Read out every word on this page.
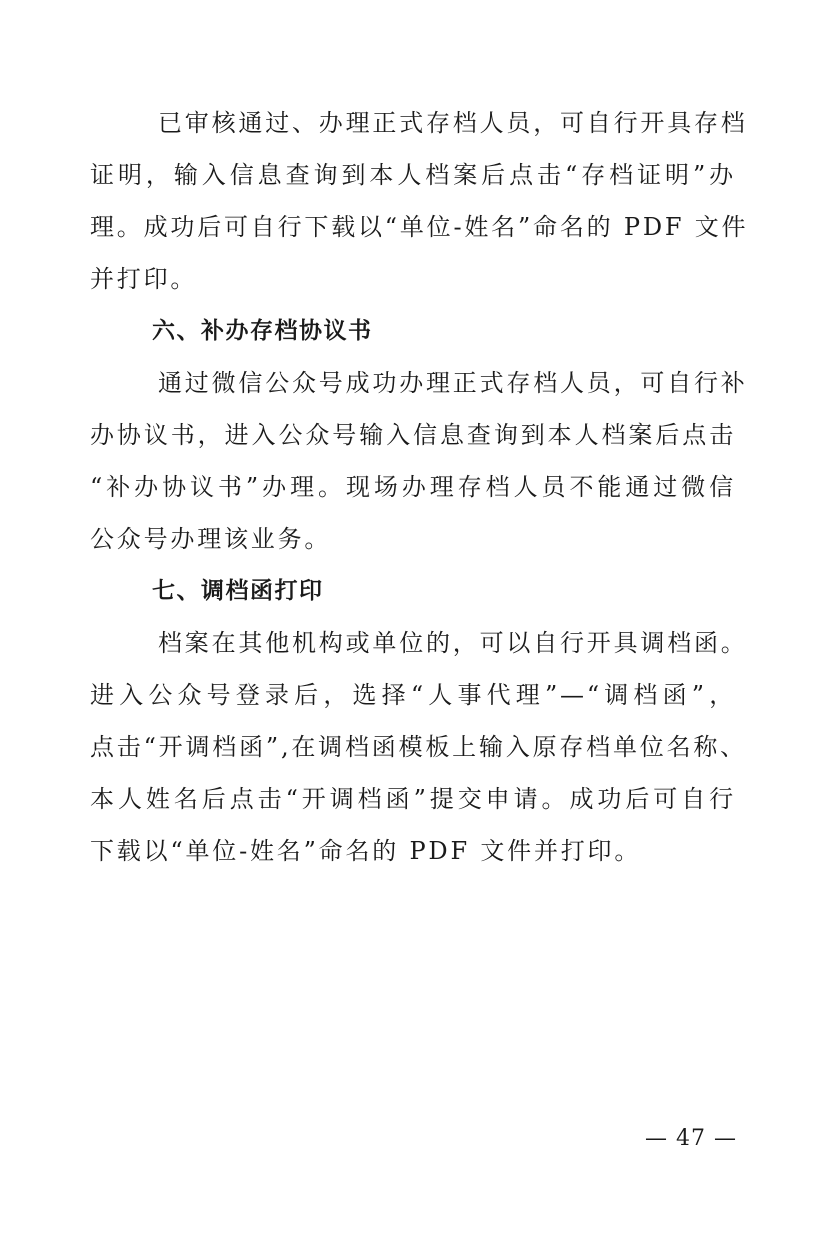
已审核通过、办理正式存档人员，可自行开具存档
证明，输入信息查询到本人档案后点击“存档证明”办
理。成功后可自行下载以“单位-姓名”命名的 PDF 文件
并打印。
六、补办存档协议书
通过微信公众号成功办理正式存档人员，可自行补
办协议书，进入公众号输入信息查询到本人档案后点击
“补办协议书”办理。现场办理存档人员不能通过微信
公众号办理该业务。
七、调档函打印
档案在其他机构或单位的，可以自行开具调档函。
进入公众号登录后，选择“人事代理”—“调档函”，
点击“开调档函”,在调档函模板上输入原存档单位名称、
本人姓名后点击“开调档函”提交申请。成功后可自行
下载以“单位-姓名”命名的 PDF 文件并打印。
— 47 —
